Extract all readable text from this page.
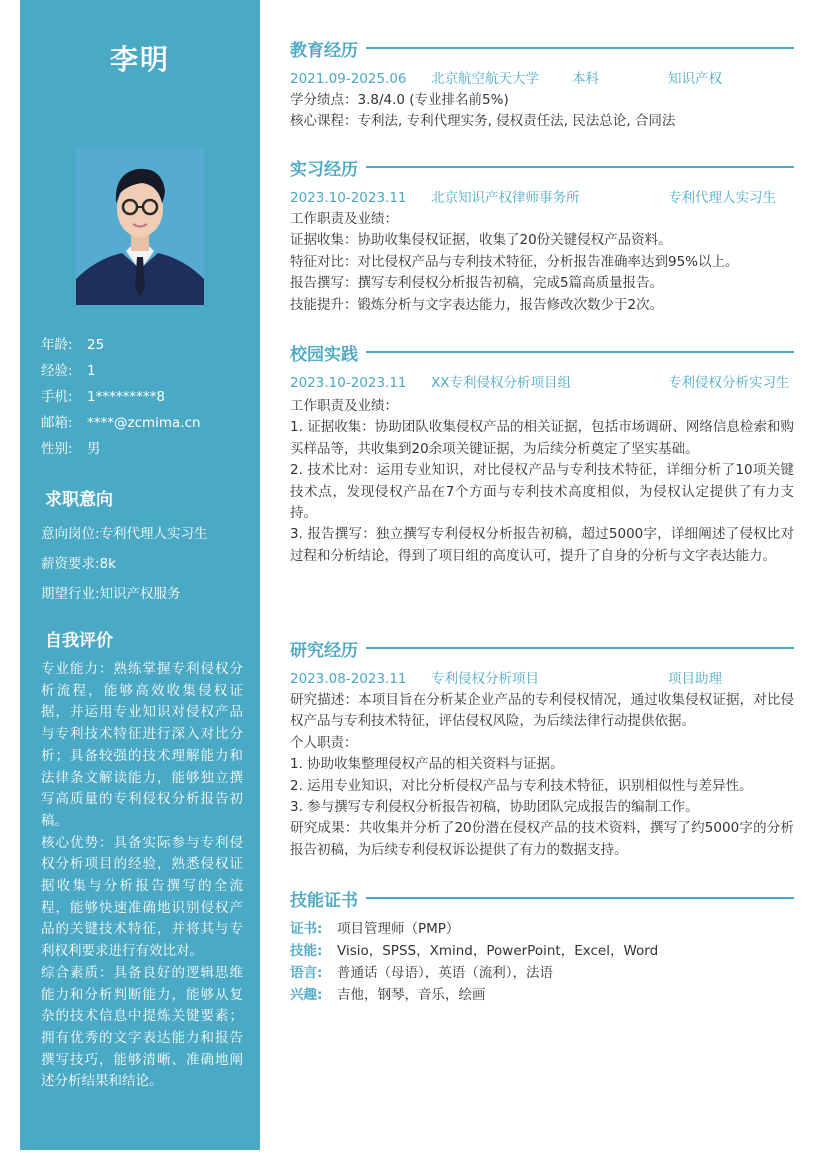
李明
年龄: 25
经验: 1
手机: 1*********8
邮箱: ****@zcmima.cn
性别: 男
求职意向
意向岗位:专利代理人实习生
薪资要求:8k
期望行业:知识产权服务
自我评价
专业能力：熟练掌握专利侵权分析流程，能够高效收集侵权证据，并运用专业知识对侵权产品与专利技术特征进行深入对比分析；具备较强的技术理解能力和法律条文解读能力，能够独立撰写高质量的专利侵权分析报告初稿。
核心优势：具备实际参与专利侵权分析项目的经验，熟悉侵权证据收集与分析报告撰写的全流程，能够快速准确地识别侵权产品的关键技术特征，并将其与专利权利要求进行有效比对。
综合素质：具备良好的逻辑思维能力和分析判断能力，能够从复杂的技术信息中提炼关键要素；拥有优秀的文字表达能力和报告撰写技巧，能够清晰、准确地阐述分析结果和结论。
教育经历
2021.09-2025.06	北京航空航天大学	本科	知识产权
学分绩点：3.8/4.0 (专业排名前5%)
核心课程：专利法, 专利代理实务, 侵权责任法, 民法总论, 合同法
实习经历
2023.10-2023.11	北京知识产权律师事务所	专利代理人实习生
工作职责及业绩：
证据收集：协助收集侵权证据，收集了20份关键侵权产品资料。
特征对比：对比侵权产品与专利技术特征，分析报告准确率达到95%以上。
报告撰写：撰写专利侵权分析报告初稿，完成5篇高质量报告。
技能提升：锻炼分析与文字表达能力，报告修改次数少于2次。
校园实践
2023.10-2023.11	XX专利侵权分析项目组	专利侵权分析实习生
工作职责及业绩：
1. 证据收集：协助团队收集侵权产品的相关证据，包括市场调研、网络信息检索和购买样品等，共收集到20余项关键证据，为后续分析奠定了坚实基础。
2. 技术比对：运用专业知识，对比侵权产品与专利技术特征，详细分析了10项关键技术点，发现侵权产品在7个方面与专利技术高度相似，为侵权认定提供了有力支持。
3. 报告撰写：独立撰写专利侵权分析报告初稿，超过5000字，详细阐述了侵权比对过程和分析结论，得到了项目组的高度认可，提升了自身的分析与文字表达能力。
研究经历
2023.08-2023.11	专利侵权分析项目	项目助理
研究描述：本项目旨在分析某企业产品的专利侵权情况，通过收集侵权证据，对比侵权产品与专利技术特征，评估侵权风险，为后续法律行动提供依据。
个人职责：
1. 协助收集整理侵权产品的相关资料与证据。
2. 运用专业知识，对比分析侵权产品与专利技术特征，识别相似性与差异性。
3. 参与撰写专利侵权分析报告初稿，协助团队完成报告的编制工作。
研究成果：共收集并分析了20份潜在侵权产品的技术资料，撰写了约5000字的分析报告初稿，为后续专利侵权诉讼提供了有力的数据支持。
技能证书
证书:	项目管理师（PMP）
技能:	Visio，SPSS，Xmind，PowerPoint，Excel，Word
语言:	普通话（母语），英语（流利），法语
兴趣:	吉他，钢琴，音乐，绘画
